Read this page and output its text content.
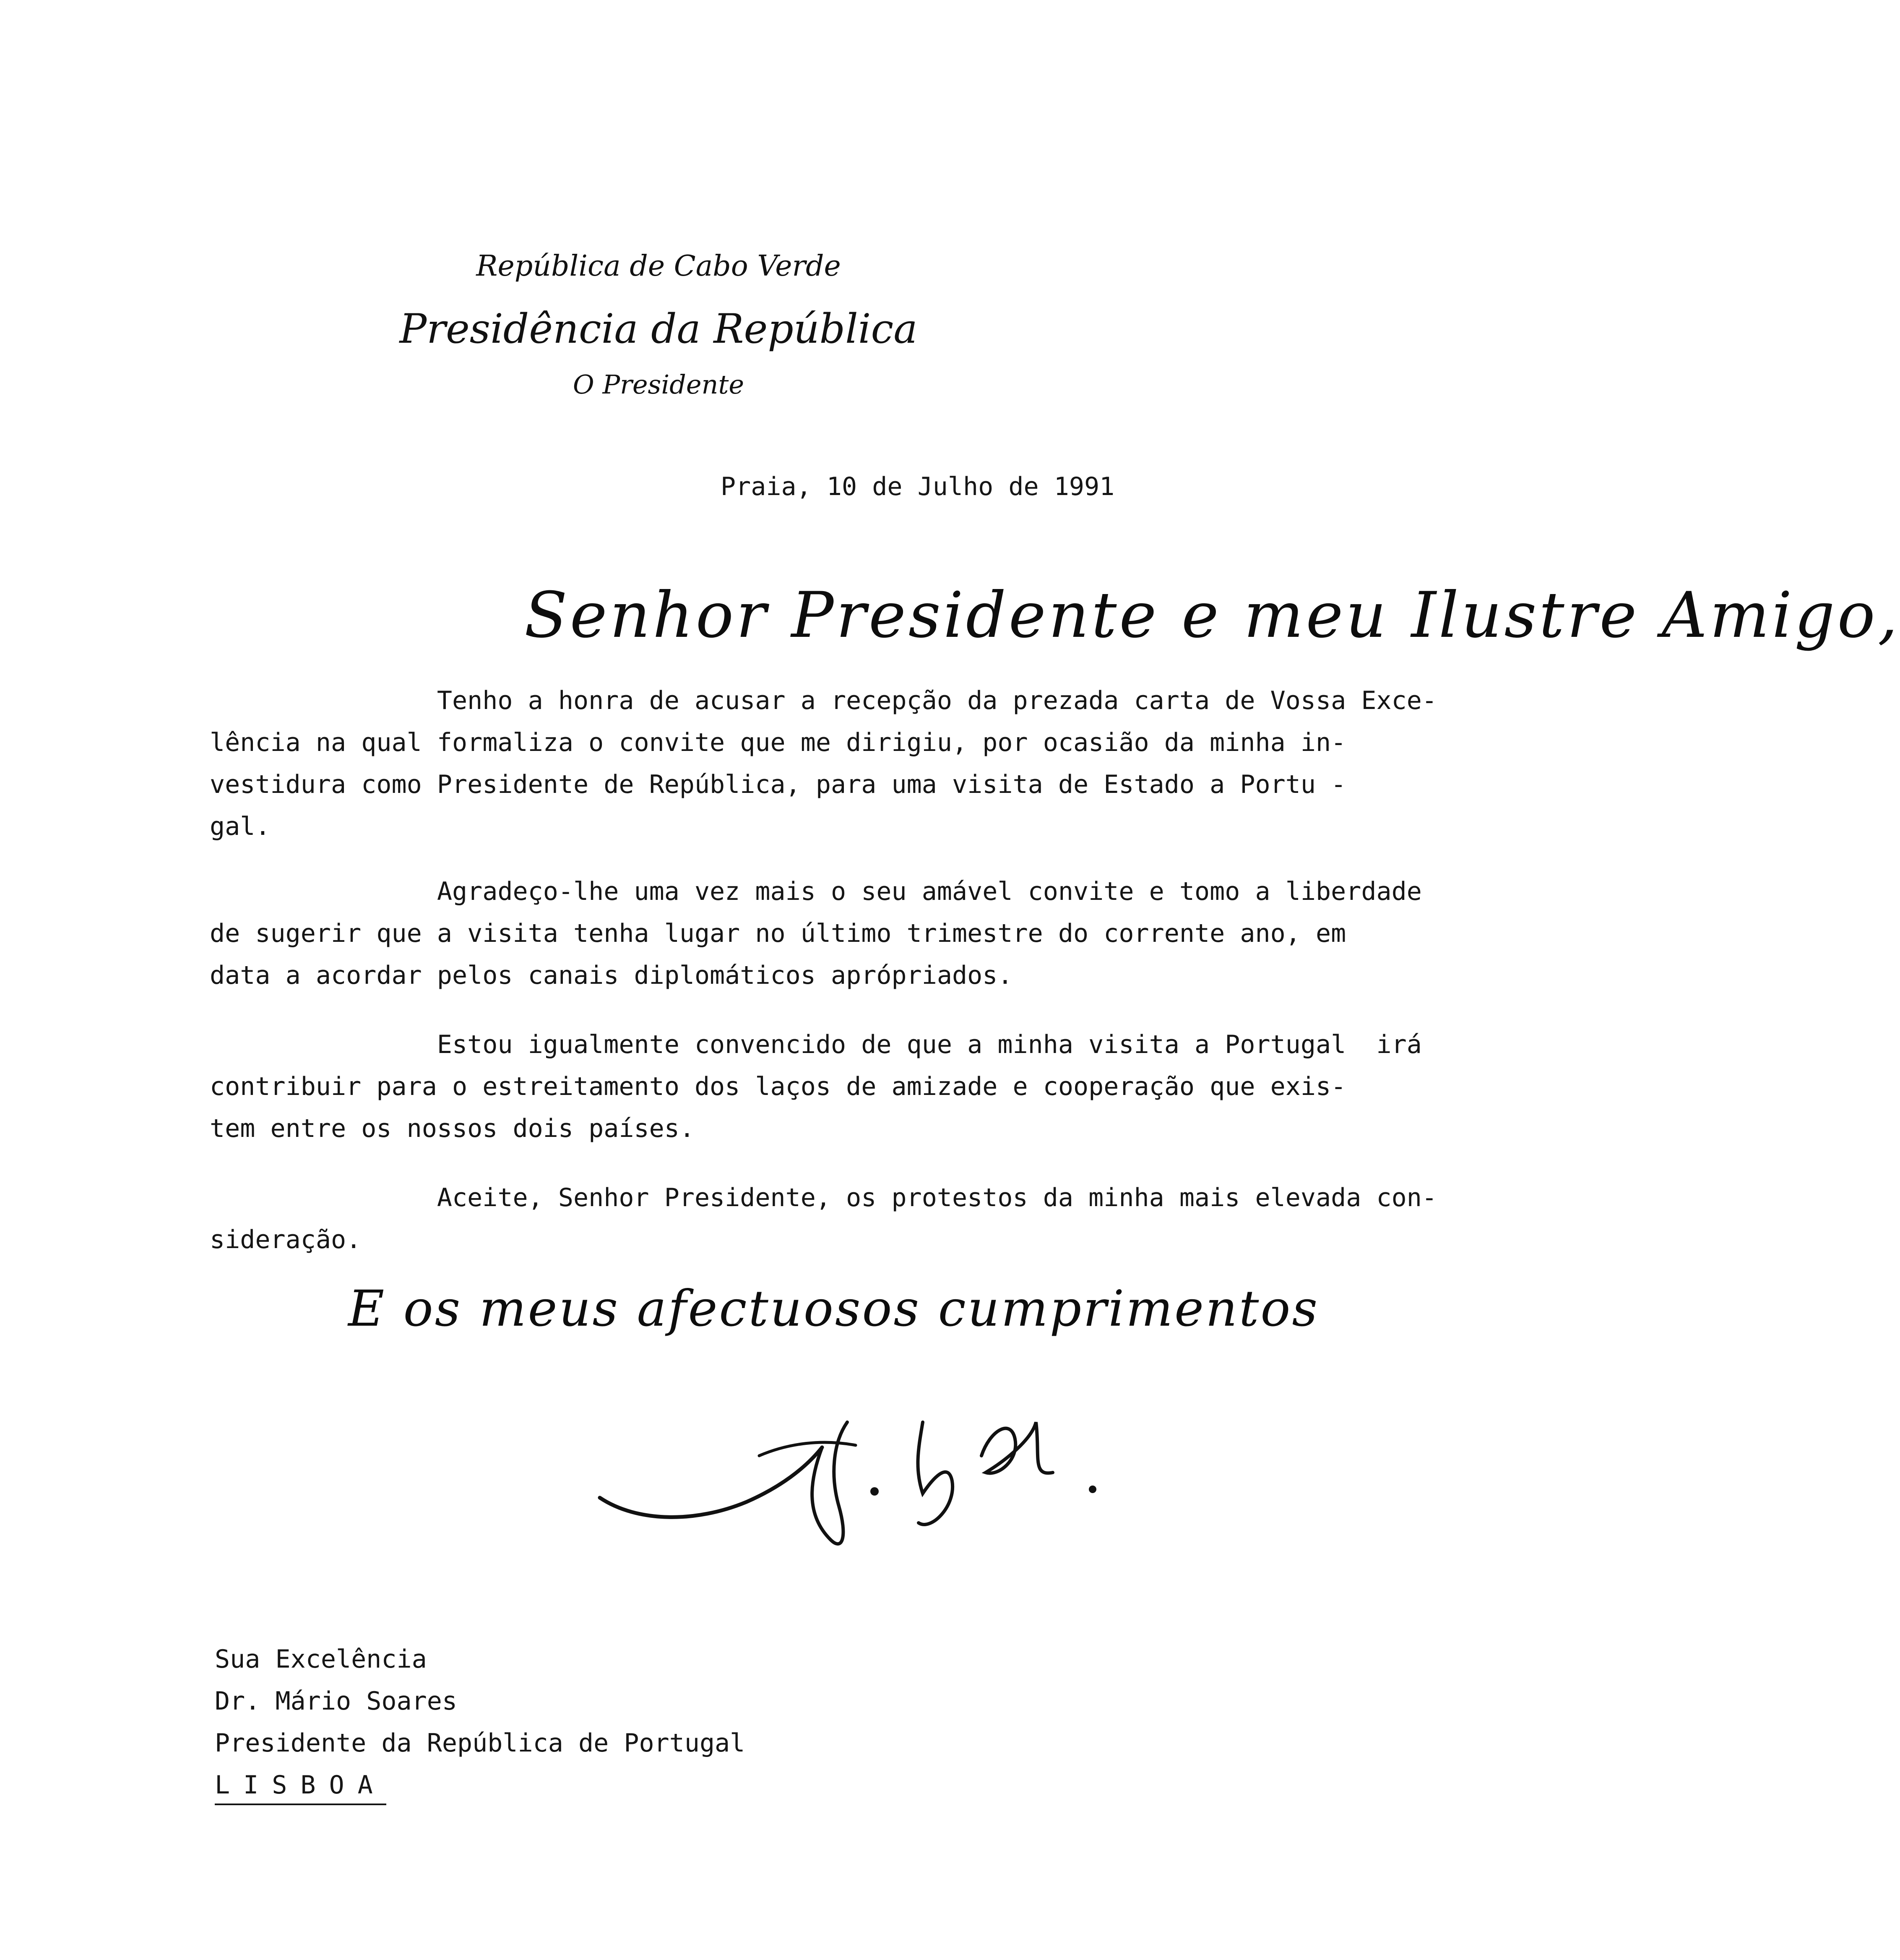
República de Cabo Verde
Presidência da República
O Presidente
Praia, 10 de Julho de 1991
Senhor Presidente e meu Ilustre Amigo,
Tenho a honra de acusar a recepção da prezada carta de Vossa Exce-
lência na qual formaliza o convite que me dirigiu, por ocasião da minha in-
vestidura como Presidente de República, para uma visita de Estado a Portu -
gal.
Agradeço-lhe uma vez mais o seu amável convite e tomo a liberdade
de sugerir que a visita tenha lugar no último trimestre do corrente ano, em
data a acordar pelos canais diplomáticos aprópriados.
Estou igualmente convencido de que a minha visita a Portugal  irá
contribuir para o estreitamento dos laços de amizade e cooperação que exis-
tem entre os nossos dois países.
Aceite, Senhor Presidente, os protestos da minha mais elevada con-
sideração.
E os meus afectuosos cumprimentos
Sua Excelência
Dr. Mário Soares
Presidente da República de Portugal
LISBOA
